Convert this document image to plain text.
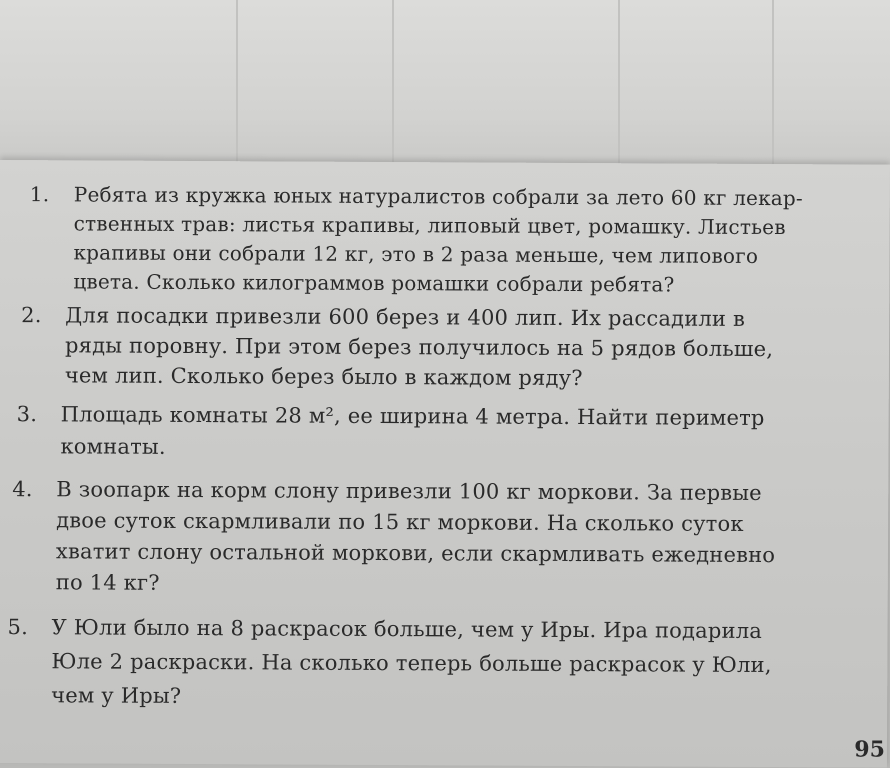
1.	Ребята из кружка юных натуралистов собрали за лето 60 кг лекар-
ственных трав: листья крапивы, липовый цвет, ромашку. Листьев
крапивы они собрали 12 кг, это в 2 раза меньше, чем липового
цвета. Сколько килограммов ромашки собрали ребята?
2.	Для посадки привезли 600 берез и 400 лип. Их рассадили в
ряды поровну. При этом берез получилось на 5 рядов больше,
чем лип. Сколько берез было в каждом ряду?
3.	Площадь комнаты 28 м², ее ширина 4 метра. Найти периметр
комнаты.
4.	В зоопарк на корм слону привезли 100 кг моркови. За первые
двое суток скармливали по 15 кг моркови. На сколько суток
хватит слону остальной моркови, если скармливать ежедневно
по 14 кг?
5.	У Юли было на 8 раскрасок больше, чем у Иры. Ира подарила
Юле 2 раскраски. На сколько теперь больше раскрасок у Юли,
чем у Иры?
95
